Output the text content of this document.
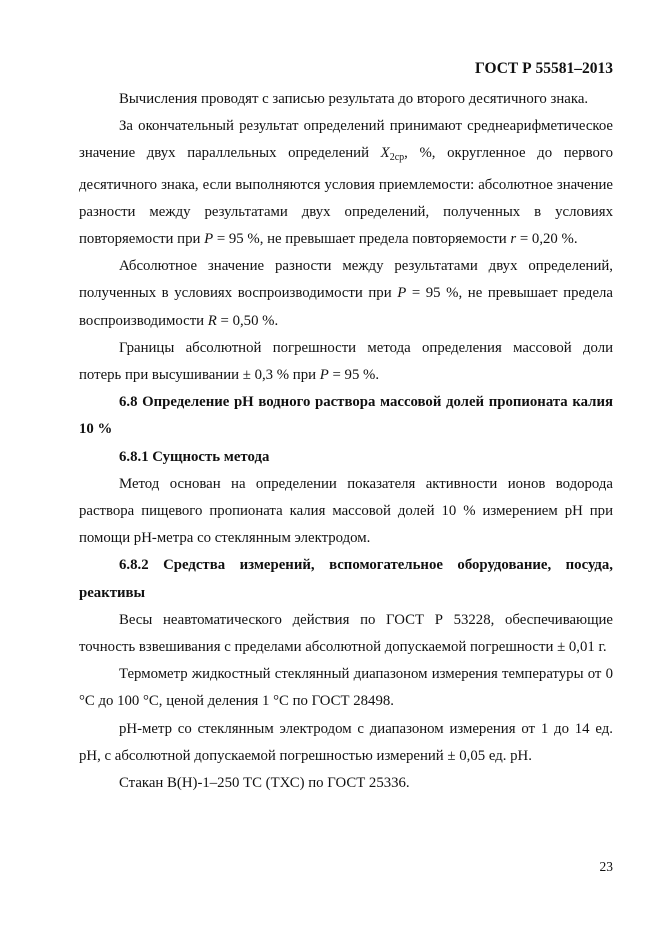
ГОСТ Р 55581–2013

Вычисления проводят с записью результата до второго десятичного знака.

За окончательный результат определений принимают среднеарифметическое значение двух параллельных определений $X_{2ср}$, %, округленное до первого десятичного знака, если выполняются условия приемлемости: абсолютное значение разности между результатами двух определений, полученных в условиях повторяемости при P = 95 %, не превышает предела повторяемости r = 0,20 %.

Абсолютное значение разности между результатами двух определений, полученных в условиях воспроизводимости при P = 95 %, не превышает предела воспроизводимости R = 0,50 %.

Границы абсолютной погрешности метода определения массовой доли потерь при высушивании ± 0,3 % при P = 95 %.

6.8 Определение рН водного раствора массовой долей пропионата калия 10 %

6.8.1 Сущность метода

Метод основан на определении показателя активности ионов водорода раствора пищевого пропионата калия массовой долей 10 % измерением рН при помощи рН-метра со стеклянным электродом.

6.8.2 Средства измерений, вспомогательное оборудование, посуда, реактивы

Весы неавтоматического действия по ГОСТ Р 53228, обеспечивающие точность взвешивания с пределами абсолютной допускаемой погрешности ± 0,01 г.

Термометр жидкостный стеклянный диапазоном измерения температуры от 0 °С до 100 °С, ценой деления 1 °С по ГОСТ 28498.

рН-метр со стеклянным электродом с диапазоном измерения от 1 до 14 ед. рН, с абсолютной допускаемой погрешностью измерений ± 0,05 ед. рН.

Стакан В(Н)-1–250 ТС (ТХС) по ГОСТ 25336.

23
